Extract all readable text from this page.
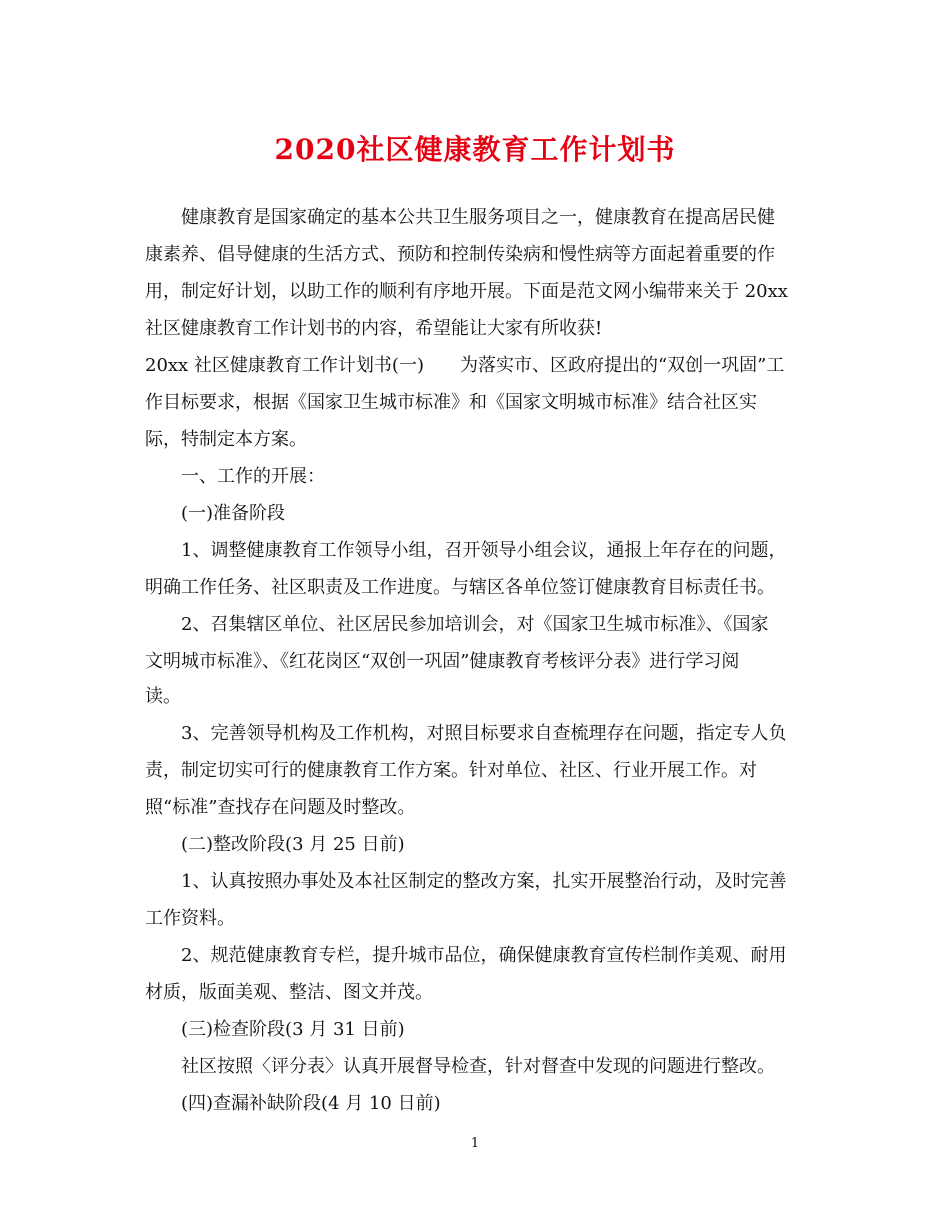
2020社区健康教育工作计划书
　　健康教育是国家确定的基本公共卫生服务项目之一，健康教育在提高居民健
康素养、倡导健康的生活方式、预防和控制传染病和慢性病等方面起着重要的作
用，制定好计划，以助工作的顺利有序地开展。下面是范文网小编带来关于 20xx
社区健康教育工作计划书的内容，希望能让大家有所收获!
20xx 社区健康教育工作计划书(一)　　为落实市、区政府提出的“双创一巩固”工
作目标要求，根据《国家卫生城市标准》和《国家文明城市标准》结合社区实
际，特制定本方案。
　　一、工作的开展：
　　(一)准备阶段
　　1、调整健康教育工作领导小组，召开领导小组会议，通报上年存在的问题，
明确工作任务、社区职责及工作进度。与辖区各单位签订健康教育目标责任书。
　　2、召集辖区单位、社区居民参加培训会，对《国家卫生城市标准》、《国家
文明城市标准》、《红花岗区“双创一巩固”健康教育考核评分表》进行学习阅
读。
　　3、完善领导机构及工作机构，对照目标要求自查梳理存在问题，指定专人负
责，制定切实可行的健康教育工作方案。针对单位、社区、行业开展工作。对
照“标准”查找存在问题及时整改。
　　(二)整改阶段(3 月 25 日前)
　　1、认真按照办事处及本社区制定的整改方案，扎实开展整治行动，及时完善
工作资料。
　　2、规范健康教育专栏，提升城市品位，确保健康教育宣传栏制作美观、耐用
材质，版面美观、整洁、图文并茂。
　　(三)检查阶段(3 月 31 日前)
　　社区按照〈评分表〉认真开展督导检查，针对督查中发现的问题进行整改。
　　(四)查漏补缺阶段(4 月 10 日前)
1
